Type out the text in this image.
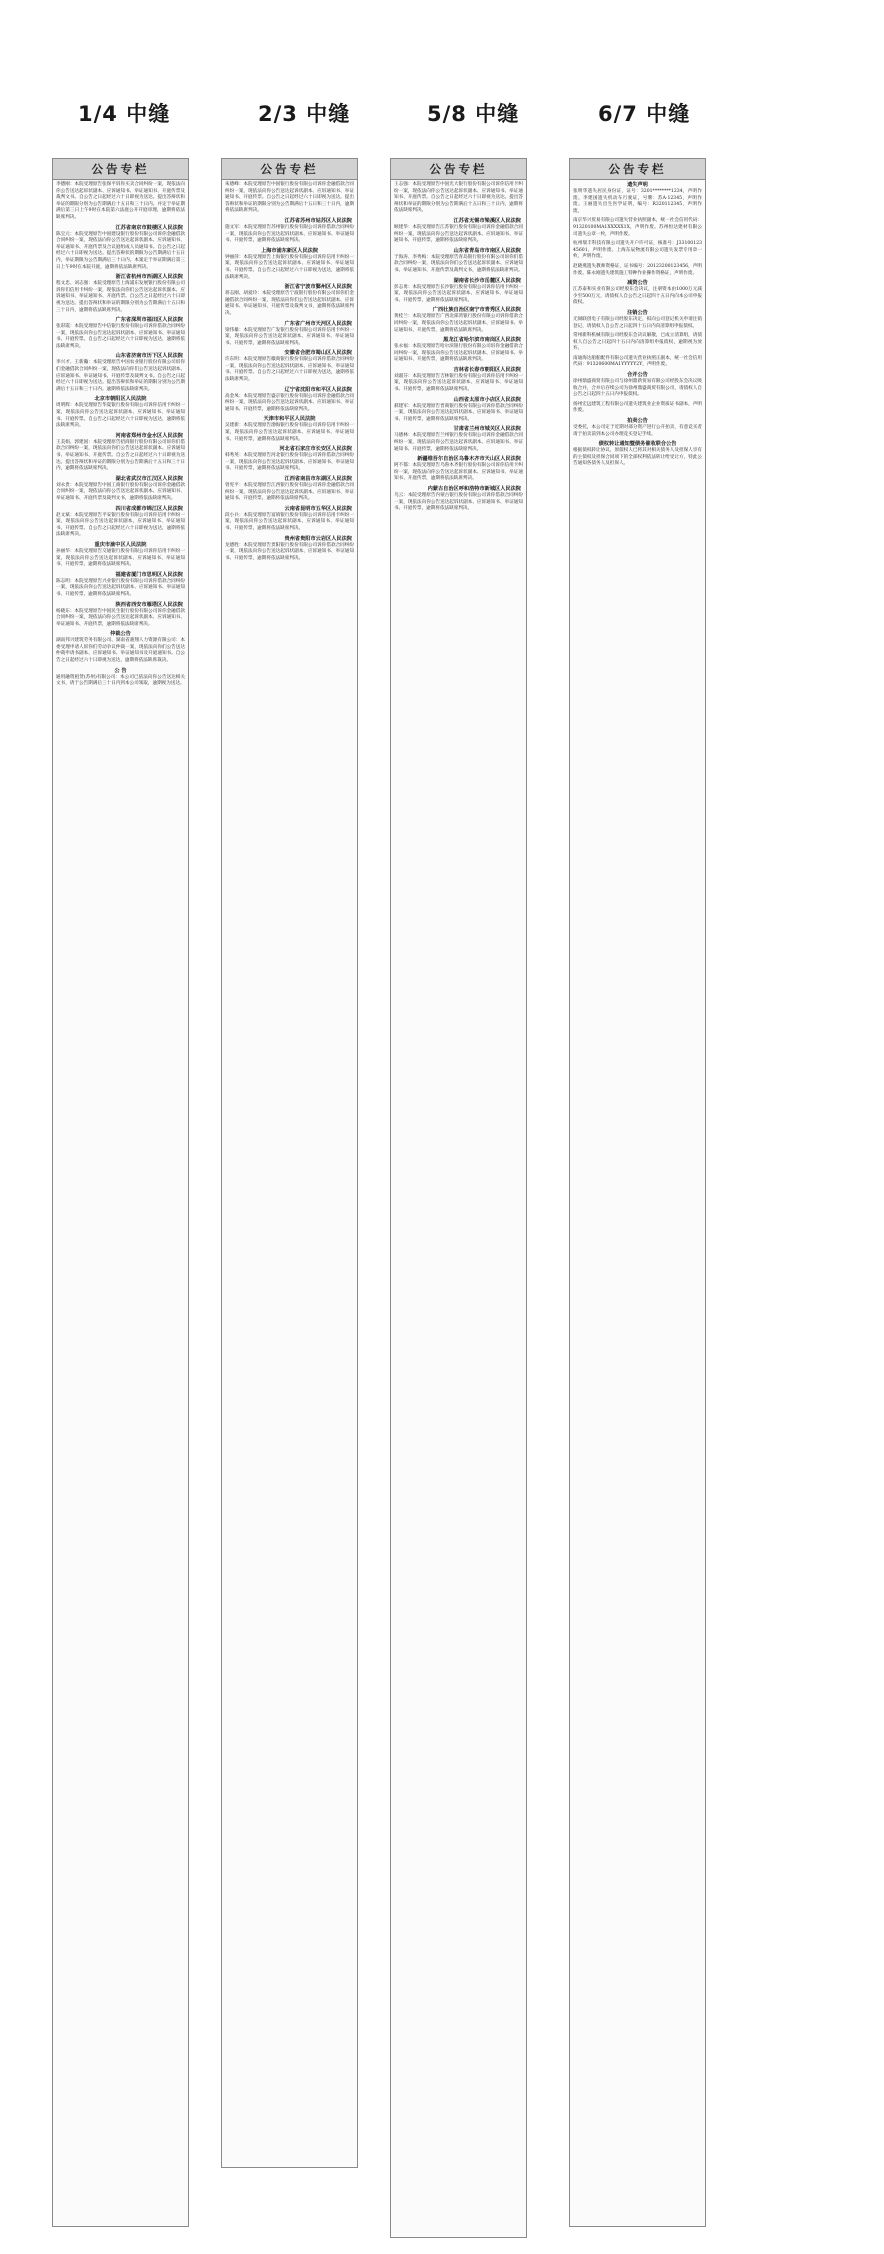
1/4 中缝	2/3 中缝	5/8 中缝	6/7 中缝
公告专栏
李德刚：本院受理原告张保平诉你买卖合同纠纷一案，现依法向你公告送达起诉状副本、应诉通知书、举证通知书、开庭传票及裁判文书。自公告之日起经过六十日即视为送达。提出答辩状和举证的期限分别为公告期满后十五日和三十日内。并定于举证期满后第三日上午9时在本院第六法庭公开开庭审理，逾期将依法缺席判决。
江苏省南京市鼓楼区人民法院
陈宝元：本院受理原告中国建设银行股份有限公司诉你金融借款合同纠纷一案，现依法向你公告送达起诉状副本、应诉通知书、举证通知书、开庭传票及合议庭组成人员通知书。自公告之日起经过六十日即视为送达。提出答辩状的期限为公告期满后十五日内，举证期限为公告期满后三十日内。本案定于举证期满后第三日上午9时在本院开庭，逾期将依法缺席判决。
浙江省杭州市西湖区人民法院
程文忠、刘志强：本院受理原告上海浦东发展银行股份有限公司诉你们信用卡纠纷一案，现依法向你们公告送达起诉状副本、应诉通知书、举证通知书、开庭传票。自公告之日起经过六十日即视为送达。提出答辩状和举证的期限分别为公告期满后十五日和三十日内，逾期将依法缺席判决。
广东省深圳市福田区人民法院
张彩霞：本院受理原告中信银行股份有限公司诉你借款合同纠纷一案，现依法向你公告送达起诉状副本、应诉通知书、举证通知书、开庭传票。自公告之日起经过六十日即视为送达，逾期将依法缺席判决。
山东省济南市历下区人民法院
李兴才、王新瀚：本院受理原告中国农业银行股份有限公司诉你们金融借款合同纠纷一案，现依法向你们公告送达起诉状副本、应诉通知书、举证通知书、开庭传票及裁判文书。自公告之日起经过六十日即视为送达。提出答辩状和举证的期限分别为公告期满后十五日和三十日内。逾期将依法缺席判决。
北京市朝阳区人民法院
周明辉：本院受理原告华夏银行股份有限公司诉你信用卡纠纷一案，现依法向你公告送达起诉状副本、应诉通知书、举证通知书、开庭传票。自公告之日起经过六十日即视为送达，逾期将依法缺席判决。
河南省郑州市金水区人民法院
王美娟、郭建国：本院受理原告招商银行股份有限公司诉你们借款合同纠纷一案，现依法向你们公告送达起诉状副本、应诉通知书、举证通知书、开庭传票。自公告之日起经过六十日即视为送达。提出答辩状和举证的期限分别为公告期满后十五日和三十日内，逾期将依法缺席判决。
湖北省武汉市江汉区人民法院
刘永贵：本院受理原告中国工商银行股份有限公司诉你金融借款合同纠纷一案，现依法向你公告送达起诉状副本、应诉通知书、举证通知书、开庭传票及裁判文书，逾期将依法缺席判决。
四川省成都市锦江区人民法院
赵文斌：本院受理原告平安银行股份有限公司诉你信用卡纠纷一案，现依法向你公告送达起诉状副本、应诉通知书、举证通知书、开庭传票。自公告之日起经过六十日即视为送达，逾期将依法缺席判决。
重庆市渝中区人民法院
孙丽华：本院受理原告交通银行股份有限公司诉你信用卡纠纷一案，现依法向你公告送达起诉状副本、应诉通知书、举证通知书、开庭传票，逾期将依法缺席判决。
福建省厦门市思明区人民法院
陈志明：本院受理原告兴业银行股份有限公司诉你借款合同纠纷一案，现依法向你公告送达起诉状副本、应诉通知书、举证通知书、开庭传票，逾期将依法缺席判决。
陕西省西安市雁塔区人民法院
杨晓东：本院受理原告中国民生银行股份有限公司诉你金融借款合同纠纷一案，现依法向你公告送达起诉状副本、应诉通知书、举证通知书、开庭传票，逾期将依法缺席判决。
仲裁公告
湖南邦兴建筑劳务有限公司、湖南省骏翔人力资源有限公司：本委受理申请人诉你们劳动争议仲裁一案，现依法向你们公告送达仲裁申请书副本、应诉通知书、举证通知书及开庭通知书。自公告之日起经过六十日即视为送达，逾期将依法缺席裁决。
公 告
通用融资租赁(苏州)有限公司：本公司已依法向你公告送达相关文书，请于公告期满后三十日内到本公司领取，逾期视为送达。
公告专栏
朱德峰：本院受理原告中国银行股份有限公司诉你金融借款合同纠纷一案，现依法向你公告送达起诉状副本、应诉通知书、举证通知书、开庭传票。自公告之日起经过六十日即视为送达。提出答辩状和举证的期限分别为公告期满后十五日和三十日内，逾期将依法缺席判决。
江苏省苏州市姑苏区人民法院
施文军：本院受理原告苏州银行股份有限公司诉你借款合同纠纷一案，现依法向你公告送达起诉状副本、应诉通知书、举证通知书、开庭传票，逾期将依法缺席判决。
上海市浦东新区人民法院
钟丽萍：本院受理原告上海银行股份有限公司诉你信用卡纠纷一案，现依法向你公告送达起诉状副本、应诉通知书、举证通知书、开庭传票。自公告之日起经过六十日即视为送达，逾期将依法缺席判决。
浙江省宁波市鄞州区人民法院
蒋志刚、胡爱玲：本院受理原告宁波银行股份有限公司诉你们金融借款合同纠纷一案，现依法向你们公告送达起诉状副本、应诉通知书、举证通知书、开庭传票及裁判文书，逾期将依法缺席判决。
广东省广州市天河区人民法院
梁伟雄：本院受理原告广发银行股份有限公司诉你信用卡纠纷一案，现依法向你公告送达起诉状副本、应诉通知书、举证通知书、开庭传票，逾期将依法缺席判决。
安徽省合肥市蜀山区人民法院
许东明：本院受理原告徽商银行股份有限公司诉你借款合同纠纷一案，现依法向你公告送达起诉状副本、应诉通知书、举证通知书、开庭传票。自公告之日起经过六十日即视为送达，逾期将依法缺席判决。
辽宁省沈阳市和平区人民法院
高金凤：本院受理原告盛京银行股份有限公司诉你金融借款合同纠纷一案，现依法向你公告送达起诉状副本、应诉通知书、举证通知书、开庭传票，逾期将依法缺席判决。
天津市和平区人民法院
吴建新：本院受理原告渤海银行股份有限公司诉你信用卡纠纷一案，现依法向你公告送达起诉状副本、应诉通知书、举证通知书、开庭传票，逾期将依法缺席判决。
河北省石家庄市长安区人民法院
韩秀英：本院受理原告河北银行股份有限公司诉你借款合同纠纷一案，现依法向你公告送达起诉状副本、应诉通知书、举证通知书、开庭传票，逾期将依法缺席判决。
江西省南昌市东湖区人民法院
曾宪平：本院受理原告江西银行股份有限公司诉你金融借款合同纠纷一案，现依法向你公告送达起诉状副本、应诉通知书、举证通知书、开庭传票，逾期将依法缺席判决。
云南省昆明市五华区人民法院
段小兵：本院受理原告富滇银行股份有限公司诉你信用卡纠纷一案，现依法向你公告送达起诉状副本、应诉通知书、举证通知书、开庭传票，逾期将依法缺席判决。
贵州省贵阳市云岩区人民法院
龙德胜：本院受理原告贵阳银行股份有限公司诉你借款合同纠纷一案，现依法向你公告送达起诉状副本、应诉通知书、举证通知书、开庭传票，逾期将依法缺席判决。
公告专栏
王志强：本院受理原告中国光大银行股份有限公司诉你信用卡纠纷一案，现依法向你公告送达起诉状副本、应诉通知书、举证通知书、开庭传票。自公告之日起经过六十日即视为送达。提出答辩状和举证的期限分别为公告期满后十五日和三十日内，逾期将依法缺席判决。
江苏省无锡市梁溪区人民法院
顾建华：本院受理原告江苏银行股份有限公司诉你金融借款合同纠纷一案，现依法向你公告送达起诉状副本、应诉通知书、举证通知书、开庭传票，逾期将依法缺席判决。
山东省青岛市市南区人民法院
于海涛、李秀梅：本院受理原告青岛银行股份有限公司诉你们借款合同纠纷一案，现依法向你们公告送达起诉状副本、应诉通知书、举证通知书、开庭传票及裁判文书，逾期将依法缺席判决。
湖南省长沙市岳麓区人民法院
彭志勇：本院受理原告长沙银行股份有限公司诉你信用卡纠纷一案，现依法向你公告送达起诉状副本、应诉通知书、举证通知书、开庭传票，逾期将依法缺席判决。
广西壮族自治区南宁市青秀区人民法院
黄桂兰：本院受理原告广西北部湾银行股份有限公司诉你借款合同纠纷一案，现依法向你公告送达起诉状副本、应诉通知书、举证通知书、开庭传票，逾期将依法缺席判决。
黑龙江省哈尔滨市南岗区人民法院
张永福：本院受理原告哈尔滨银行股份有限公司诉你金融借款合同纠纷一案，现依法向你公告送达起诉状副本、应诉通知书、举证通知书、开庭传票，逾期将依法缺席判决。
吉林省长春市朝阳区人民法院
刘淑芬：本院受理原告吉林银行股份有限公司诉你信用卡纠纷一案，现依法向你公告送达起诉状副本、应诉通知书、举证通知书、开庭传票，逾期将依法缺席判决。
山西省太原市小店区人民法院
郝建军：本院受理原告晋商银行股份有限公司诉你借款合同纠纷一案，现依法向你公告送达起诉状副本、应诉通知书、举证通知书、开庭传票，逾期将依法缺席判决。
甘肃省兰州市城关区人民法院
马德林：本院受理原告兰州银行股份有限公司诉你金融借款合同纠纷一案，现依法向你公告送达起诉状副本、应诉通知书、举证通知书、开庭传票，逾期将依法缺席判决。
新疆维吾尔自治区乌鲁木齐市天山区人民法院
阿不都：本院受理原告乌鲁木齐银行股份有限公司诉你信用卡纠纷一案，现依法向你公告送达起诉状副本、应诉通知书、举证通知书、开庭传票，逾期将依法缺席判决。
内蒙古自治区呼和浩特市新城区人民法院
乌云：本院受理原告内蒙古银行股份有限公司诉你借款合同纠纷一案，现依法向你公告送达起诉状副本、应诉通知书、举证通知书、开庭传票，逾期将依法缺席判决。
公告专栏
遗失声明
张明华遗失居民身份证，证号：3201********1234，声明作废。李建国遗失机动车行驶证，号牌：苏A·12345，声明作废。王丽遗失出生医学证明，编号：R320112345，声明作废。
南京华兴贸易有限公司遗失营业执照副本，统一社会信用代码：91320100MA1XXXXX1X，声明作废。苏州恒达建材有限公司遗失公章一枚，声明作废。
杭州瑞丰科技有限公司遗失开户许可证，核准号：J3310012345601，声明作废。上海东辰物流有限公司遗失发票专用章一枚，声明作废。
赵晓燕遗失教师资格证，证书编号：20123200123456，声明作废。陈永刚遗失建筑施工特种作业操作资格证，声明作废。
减资公告
江苏泰和实业有限公司经股东会决议，注册资本由1000万元减少至500万元，请债权人自公告之日起四十五日内向本公司申报债权。
注销公告
无锡联创电子有限公司经股东决定，拟向公司登记机关申请注销登记，请债权人自公告之日起四十五日内向清算组申报债权。
常州新科机械有限公司经股东会决议解散，已成立清算组，请债权人自公告之日起四十五日内向清算组申报债权，逾期视为放弃。
南通海达船舶配件有限公司遗失营业执照正副本，统一社会信用代码：91320600MA1YYYYY2Y，声明作废。
合并公告
徐州鼎盛商贸有限公司与徐州鼎新贸易有限公司经股东会决议吸收合并，合并后存续公司为徐州鼎盛商贸有限公司，请债权人自公告之日起四十五日内申报债权。
扬州宏远建筑工程有限公司遗失建筑业企业资质证书副本，声明作废。
拍卖公告
受委托，本公司定于近期对部分资产进行公开拍卖，有意竞买者请于拍卖前到本公司办理竞买登记手续。
债权转让通知暨债务催收联合公告
根据债权转让协议，原债权人已将其对相关债务人及担保人享有的主债权及担保合同项下的全部权利依法转让给受让方，特此公告通知各债务人及担保人。
